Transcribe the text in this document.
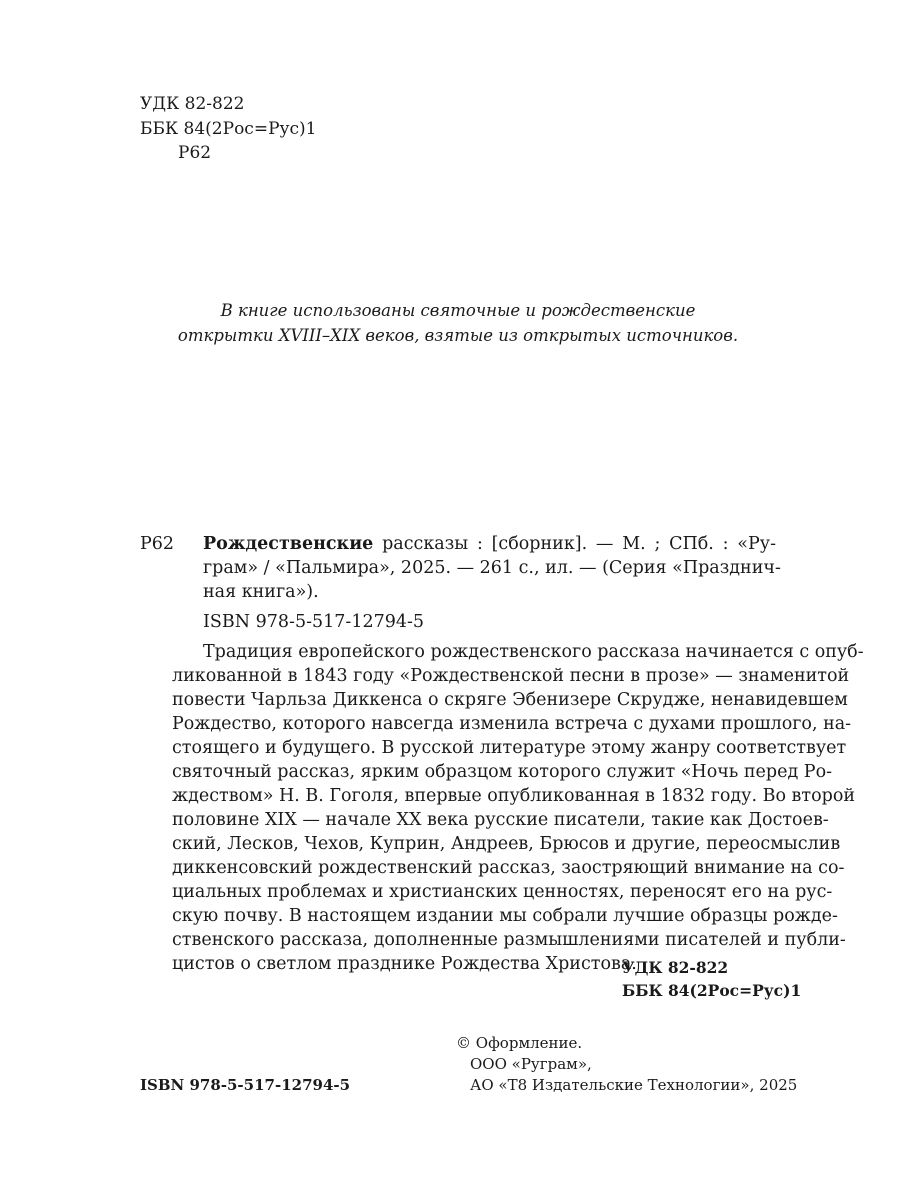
УДК 82-822
ББК 84(2Рос=Рус)1
Р62
В книге использованы святочные и рождественские
открытки XVIII–XIX веков, взятые из открытых источников.
Р62 Рождественские рассказы : [сборник]. — М. ; СПб. : «Ру-
грам» / «Пальмира», 2025. — 261 с., ил. — (Серия «Празднич-
ная книга»).
ISBN 978-5-517-12794-5
Традиция европейского рождественского рассказа начинается с опуб-
ликованной в 1843 году «Рождественской песни в прозе» — знаменитой
повести Чарльза Диккенса о скряге Эбенизере Скрудже, ненавидевшем
Рождество, которого навсегда изменила встреча с духами прошлого, на-
стоящего и будущего. В русской литературе этому жанру соответствует
святочный рассказ, ярким образцом которого служит «Ночь перед Ро-
ждеством» Н. В. Гоголя, впервые опубликованная в 1832 году. Во второй
половине XIX — начале XX века русские писатели, такие как Достоев-
ский, Лесков, Чехов, Куприн, Андреев, Брюсов и другие, переосмыслив
диккенсовский рождественский рассказ, заостряющий внимание на со-
циальных проблемах и христианских ценностях, переносят его на рус-
скую почву. В настоящем издании мы собрали лучшие образцы рожде-
ственского рассказа, дополненные размышлениями писателей и публи-
цистов о светлом празднике Рождества Христова.
УДК 82-822
ББК 84(2Рос=Рус)1
© Оформление.
ООО «Руграм»,
ISBN 978-5-517-12794-5	АО «Т8 Издательские Технологии», 2025
